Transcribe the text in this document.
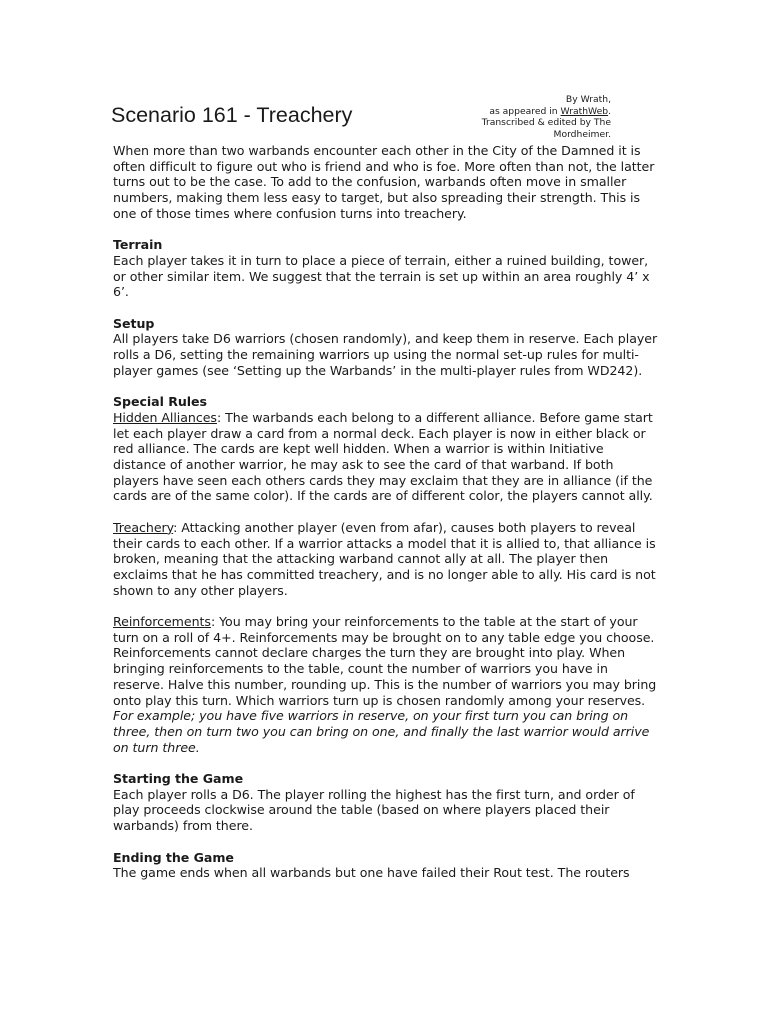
Scenario 161 - Treachery
By Wrath,
as appeared in WrathWeb.
Transcribed & edited by The
Mordheimer.

When more than two warbands encounter each other in the City of the Damned it is often difficult to figure out who is friend and who is foe. More often than not, the latter turns out to be the case. To add to the confusion, warbands often move in smaller numbers, making them less easy to target, but also spreading their strength. This is one of those times where confusion turns into treachery.

Terrain

Each player takes it in turn to place a piece of terrain, either a ruined building, tower, or other similar item. We suggest that the terrain is set up within an area roughly 4’ x 6’.

Setup

All players take D6 warriors (chosen randomly), and keep them in reserve. Each player rolls a D6, setting the remaining warriors up using the normal set-up rules for multi-player games (see ‘Setting up the Warbands’ in the multi-player rules from WD242).

Special Rules

Hidden Alliances: The warbands each belong to a different alliance. Before game start let each player draw a card from a normal deck. Each player is now in either black or red alliance. The cards are kept well hidden. When a warrior is within Initiative distance of another warrior, he may ask to see the card of that warband. If both players have seen each others cards they may exclaim that they are in alliance (if the cards are of the same color). If the cards are of different color, the players cannot ally.

Treachery: Attacking another player (even from afar), causes both players to reveal their cards to each other. If a warrior attacks a model that it is allied to, that alliance is broken, meaning that the attacking warband cannot ally at all. The player then exclaims that he has committed treachery, and is no longer able to ally. His card is not shown to any other players.

Reinforcements: You may bring your reinforcements to the table at the start of your turn on a roll of 4+. Reinforcements may be brought on to any table edge you choose. Reinforcements cannot declare charges the turn they are brought into play. When bringing reinforcements to the table, count the number of warriors you have in reserve. Halve this number, rounding up. This is the number of warriors you may bring onto play this turn. Which warriors turn up is chosen randomly among your reserves. For example; you have five warriors in reserve, on your first turn you can bring on three, then on turn two you can bring on one, and finally the last warrior would arrive on turn three.

Starting the Game

Each player rolls a D6. The player rolling the highest has the first turn, and order of play proceeds clockwise around the table (based on where players placed their warbands) from there.

Ending the Game

The game ends when all warbands but one have failed their Rout test. The routers
